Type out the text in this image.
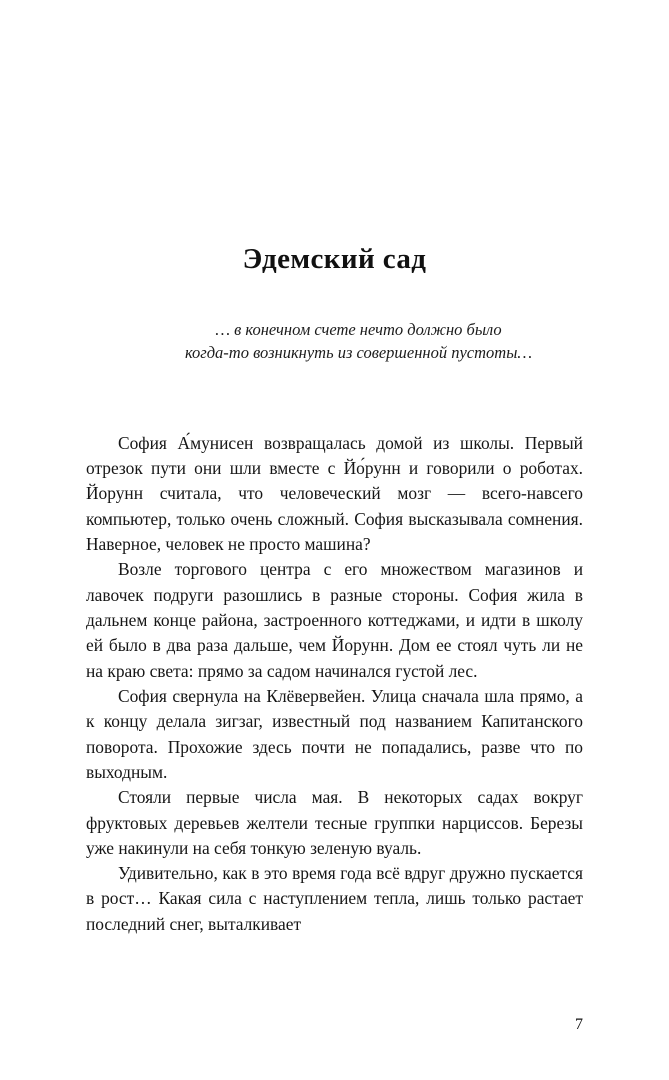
Эдемский сад
… в конечном счете нечто должно было
когда-то возникнуть из совершенной пустоты…

София А́мунисен возвращалась домой из школы. Первый отрезок пути они шли вместе с Йо́рунн и говорили о роботах. Йорунн считала, что человеческий мозг — всего-навсего компьютер, только очень сложный. София высказывала сомнения. Наверное, человек не просто машина?

Возле торгового центра с его множеством магазинов и лавочек подруги разошлись в разные стороны. София жила в дальнем конце района, застроенного коттеджами, и идти в школу ей было в два раза дальше, чем Йорунн. Дом ее стоял чуть ли не на краю света: прямо за садом начинался густой лес.

София свернула на Клёвервейен. Улица сначала шла прямо, а к концу делала зигзаг, известный под названием Капитанского поворота. Прохожие здесь почти не попадались, разве что по выходным.

Стояли первые числа мая. В некоторых садах вокруг фруктовых деревьев желтели тесные группки нарциссов. Березы уже накинули на себя тонкую зеленую вуаль.

Удивительно, как в это время года всё вдруг дружно пускается в рост… Какая сила с наступлением тепла, лишь только растает последний снег, выталкивает

7
